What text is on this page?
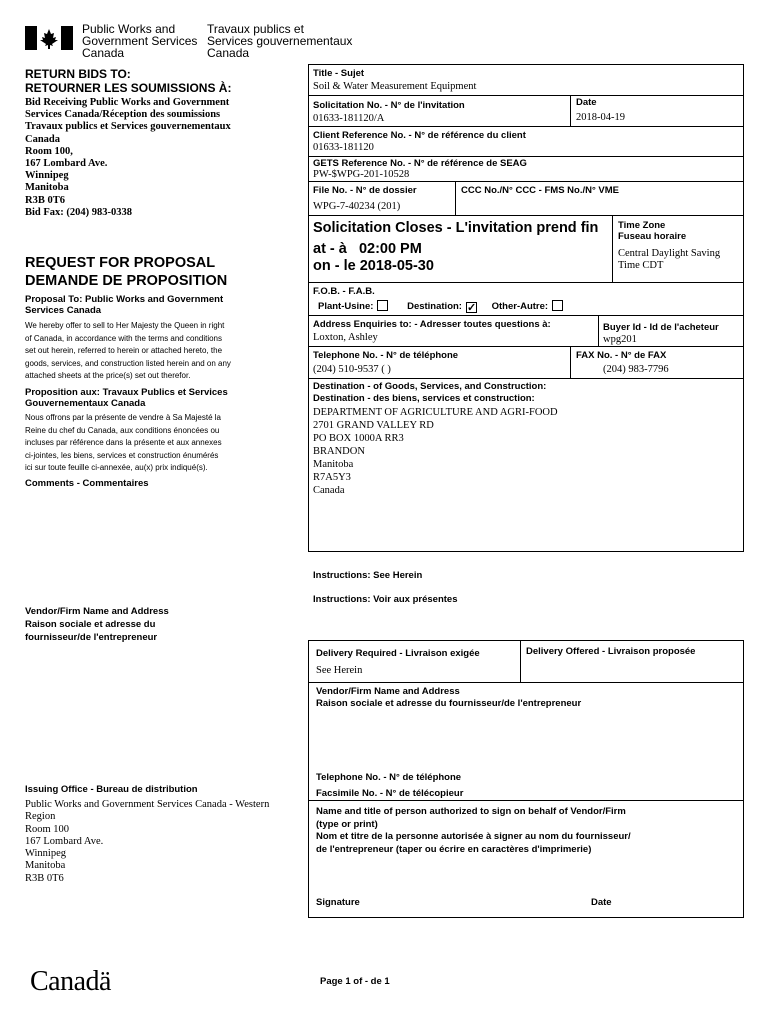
Public Works and
Government Services
Canada
Travaux publics et
Services gouvernementaux
Canada
RETURN BIDS TO:
RETOURNER LES SOUMISSIONS À:
Bid Receiving Public Works and Government
Services Canada/Réception des soumissions
Travaux publics et Services gouvernementaux
Canada
Room 100,
167 Lombard Ave.
Winnipeg
Manitoba
R3B 0T6
Bid Fax: (204) 983-0338
REQUEST FOR PROPOSAL
DEMANDE DE PROPOSITION
Proposal To: Public Works and Government
Services Canada
We hereby offer to sell to Her Majesty the Queen in right
of Canada, in accordance with the terms and conditions
set out herein, referred to herein or attached hereto, the
goods, services, and construction listed herein and on any
attached sheets at the price(s) set out therefor.
Proposition aux: Travaux Publics et Services
Gouvernementaux Canada
Nous offrons par la présente de vendre à Sa Majesté la
Reine du chef du Canada, aux conditions énoncées ou
incluses par référence dans la présente et aux annexes
ci-jointes, les biens, services et construction énumérés
ici sur toute feuille ci-annexée, au(x) prix indiqué(s).
Comments - Commentaires
Vendor/Firm Name and Address
Raison sociale et adresse du
fournisseur/de l'entrepreneur
Issuing Office - Bureau de distribution
Public Works and Government Services Canada - Western
Region
Room 100
167 Lombard Ave.
Winnipeg
Manitoba
R3B 0T6
Title - Sujet
Soil & Water Measurement Equipment
Solicitation No. - N° de l'invitation
01633-181120/A
Date
2018-04-19
Client Reference No. - N° de référence du client
01633-181120
GETS Reference No. - N° de référence de SEAG
PW-$WPG-201-10528
File No. - N° de dossier
WPG-7-40234 (201)
CCC No./N° CCC - FMS No./N° VME
Solicitation Closes - L'invitation prend fin
at - à 02:00 PM
on - le 2018-05-30
Time Zone
Fuseau horaire
Central Daylight Saving
Time CDT
F.O.B. - F.A.B.
Plant-Usine:	Destination: ✓ Other-Autre:
Address Enquiries to: - Adresser toutes questions à:
Loxton, Ashley
Buyer Id - Id de l'acheteur
wpg201
Telephone No. - N° de téléphone
(204) 510-9537 ( )
FAX No. - N° de FAX
(204) 983-7796
Destination - of Goods, Services, and Construction:
Destination - des biens, services et construction:
DEPARTMENT OF AGRICULTURE AND AGRI-FOOD
2701 GRAND VALLEY RD
PO BOX 1000A RR3
BRANDON
Manitoba
R7A5Y3
Canada
Instructions: See Herein
Instructions: Voir aux présentes
Delivery Required - Livraison exigée
See Herein
Delivery Offered - Livraison proposée
Vendor/Firm Name and Address
Raison sociale et adresse du fournisseur/de l'entrepreneur
Telephone No. - N° de téléphone
Facsimile No. - N° de télécopieur
Name and title of person authorized to sign on behalf of Vendor/Firm
(type or print)
Nom et titre de la personne autorisée à signer au nom du fournisseur/
de l'entrepreneur (taper ou écrire en caractères d'imprimerie)
Signature	Date
Canadä	Page 1 of - de 1
